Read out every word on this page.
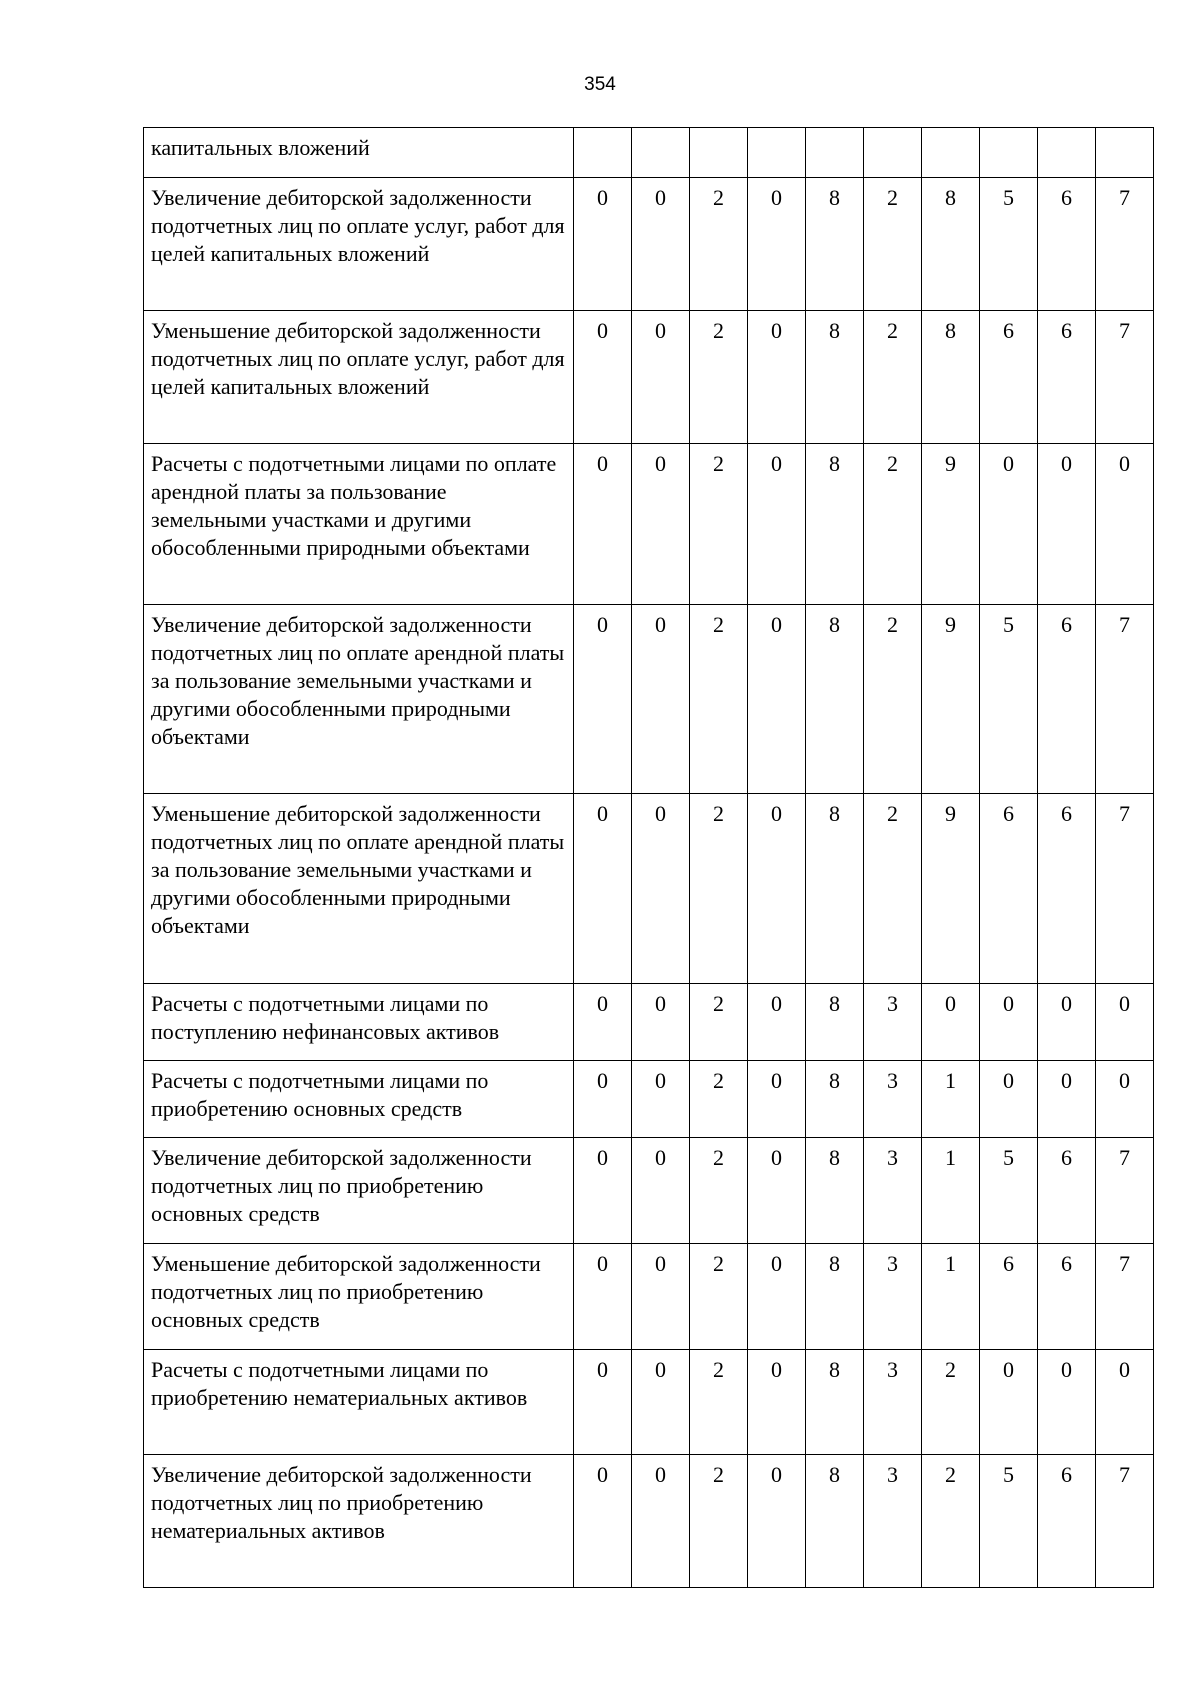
354
капитальных вложений										
Увеличение дебиторской задолженности подотчетных лиц по оплате услуг, работ для целей капитальных вложений	0	0	2	0	8	2	8	5	6	7
Уменьшение дебиторской задолженности подотчетных лиц по оплате услуг, работ для целей капитальных вложений	0	0	2	0	8	2	8	6	6	7
Расчеты с подотчетными лицами по оплате арендной платы за пользование земельными участками и другими обособленными природными объектами	0	0	2	0	8	2	9	0	0	0
Увеличение дебиторской задолженности подотчетных лиц по оплате арендной платы за пользование земельными участками и другими обособленными природными объектами	0	0	2	0	8	2	9	5	6	7
Уменьшение дебиторской задолженности подотчетных лиц по оплате арендной платы за пользование земельными участками и другими обособленными природными объектами	0	0	2	0	8	2	9	6	6	7
Расчеты с подотчетными лицами по поступлению нефинансовых активов	0	0	2	0	8	3	0	0	0	0
Расчеты с подотчетными лицами по приобретению основных средств	0	0	2	0	8	3	1	0	0	0
Увеличение дебиторской задолженности подотчетных лиц по приобретению основных средств	0	0	2	0	8	3	1	5	6	7
Уменьшение дебиторской задолженности подотчетных лиц по приобретению основных средств	0	0	2	0	8	3	1	6	6	7
Расчеты с подотчетными лицами по приобретению нематериальных активов	0	0	2	0	8	3	2	0	0	0
Увеличение дебиторской задолженности подотчетных лиц по приобретению нематериальных активов	0	0	2	0	8	3	2	5	6	7
